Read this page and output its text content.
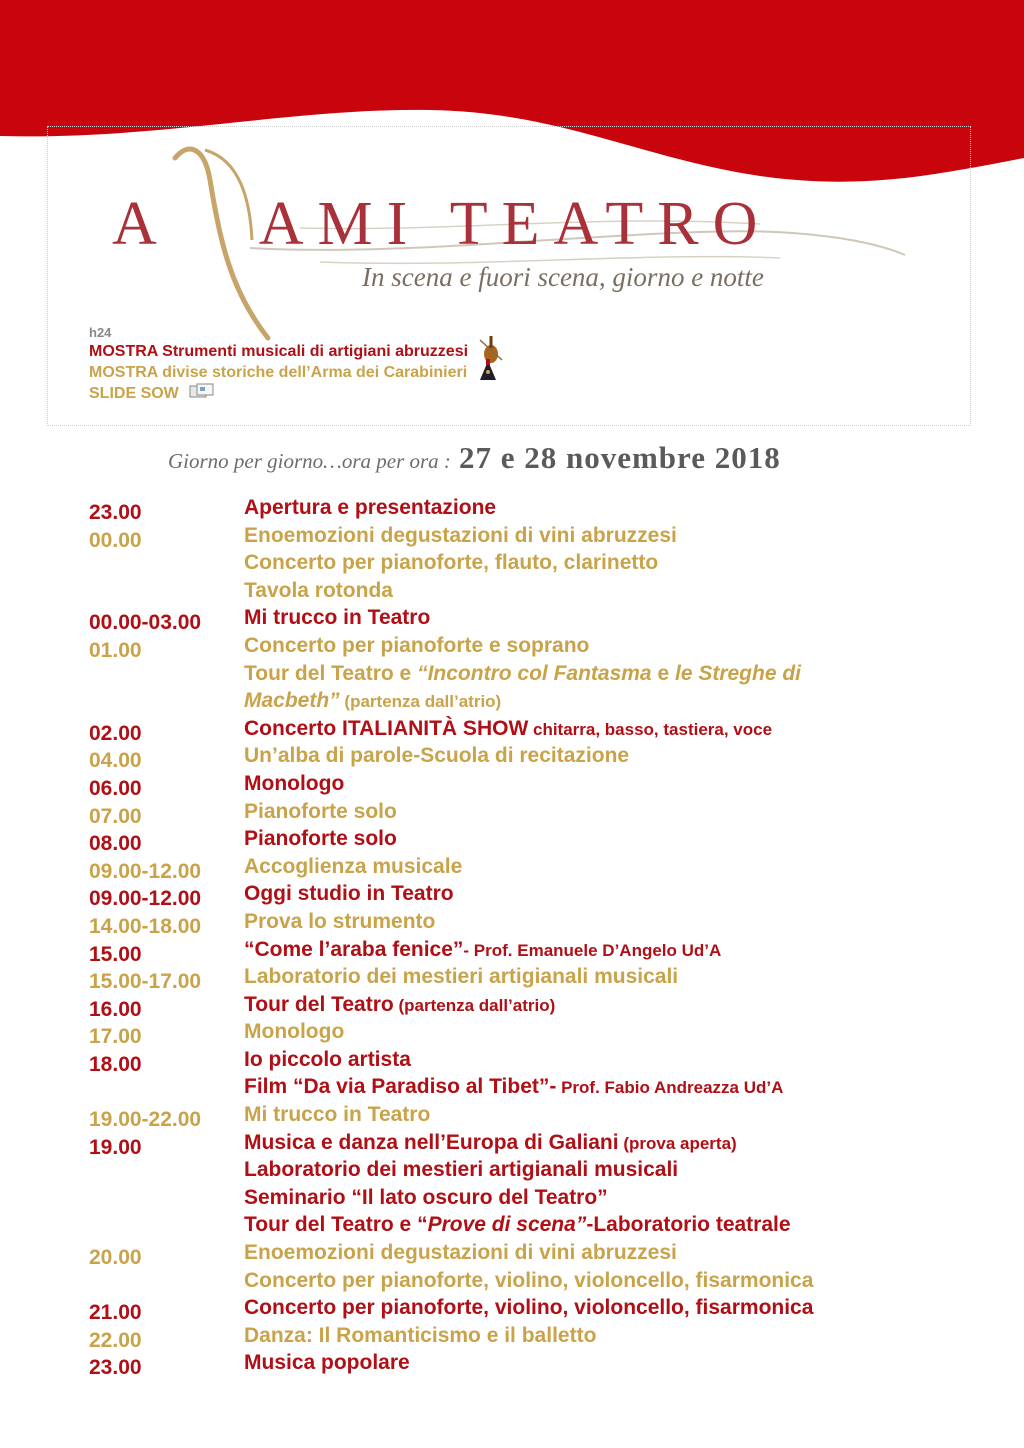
A AMI TEATRO
In scena e fuori scena, giorno e notte
h24
MOSTRA Strumenti musicali di artigiani abruzzesi
MOSTRA divise storiche dell’Arma dei Carabinieri
SLIDE SOW
Giorno per giorno…ora per ora : 27 e 28 novembre 2018
23.00	Apertura e presentazione
00.00	Enoemozioni degustazioni di vini abruzzesi
Concerto per pianoforte, flauto, clarinetto
Tavola rotonda
00.00-03.00 Mi trucco in Teatro
01.00	Concerto per pianoforte e soprano
Tour del Teatro e “Incontro col Fantasma e le Streghe di
Macbeth” (partenza dall’atrio)
02.00	Concerto ITALIANITÀ SHOW chitarra, basso, tastiera, voce
04.00	Un’alba di parole-Scuola di recitazione
06.00	Monologo
07.00	Pianoforte solo
08.00	Pianoforte solo
09.00-12.00 Accoglienza musicale
09.00-12.00 Oggi studio in Teatro
14.00-18.00 Prova lo strumento
15.00	“Come l’araba fenice”- Prof. Emanuele D’Angelo Ud’A
15.00-17.00 Laboratorio dei mestieri artigianali musicali
16.00	Tour del Teatro (partenza dall’atrio)
17.00	Monologo
18.00	Io piccolo artista
Film “Da via Paradiso al Tibet”- Prof. Fabio Andreazza Ud’A
19.00-22.00 Mi trucco in Teatro
19.00	Musica e danza nell’Europa di Galiani (prova aperta)
Laboratorio dei mestieri artigianali musicali
Seminario “Il lato oscuro del Teatro”
Tour del Teatro e “Prove di scena”-Laboratorio teatrale
20.00	Enoemozioni degustazioni di vini abruzzesi
Concerto per pianoforte, violino, violoncello, fisarmonica
21.00	Concerto per pianoforte, violino, violoncello, fisarmonica
22.00	Danza: Il Romanticismo e il balletto
23.00	Musica popolare
